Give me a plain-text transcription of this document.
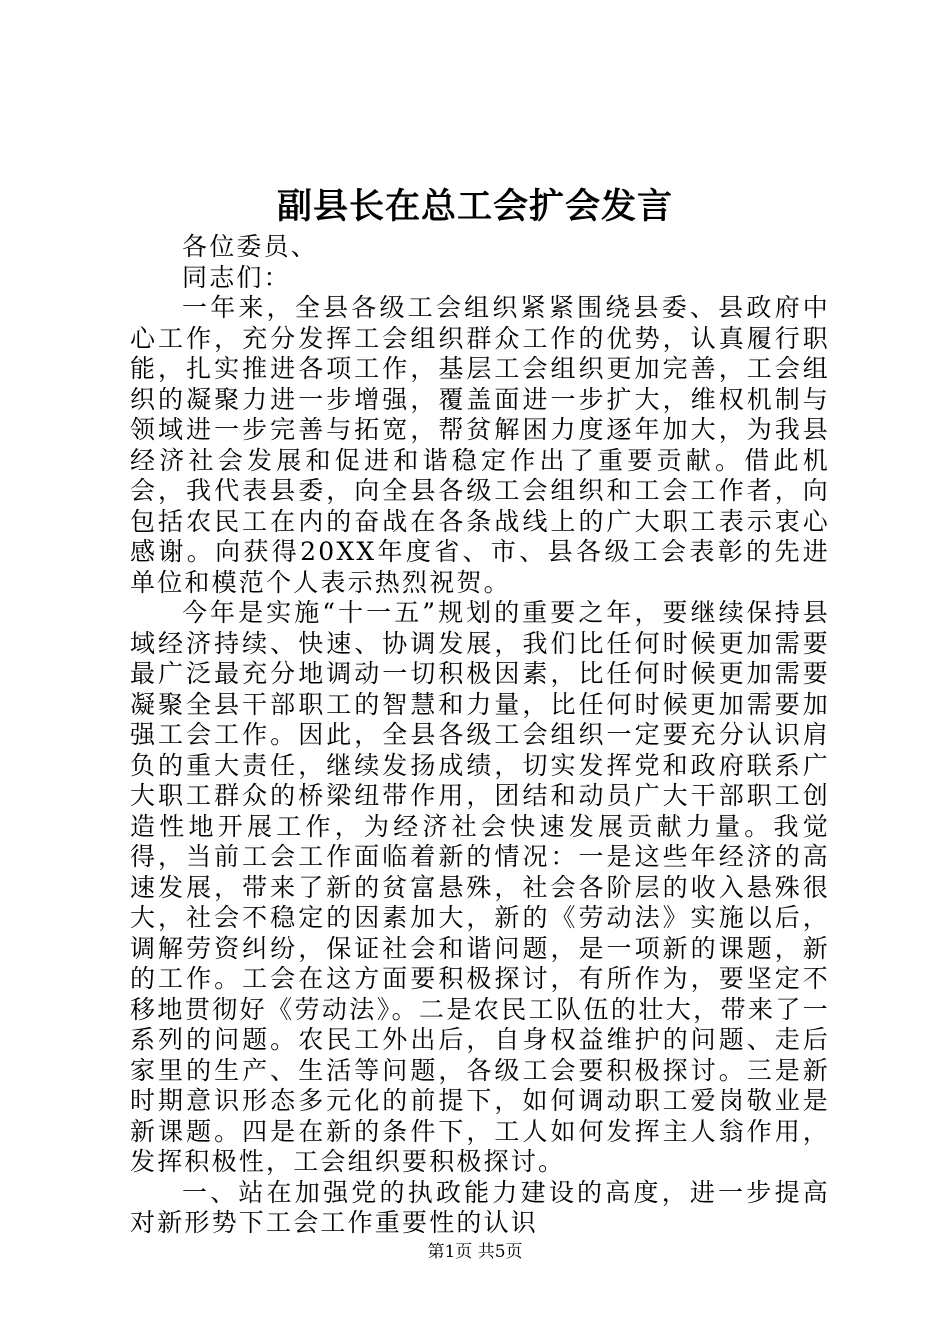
副县长在总工会扩会发言

各位委员、

同志们：

一年来，全县各级工会组织紧紧围绕县委、县政府中心工作，充分发挥工会组织群众工作的优势，认真履行职能，扎实推进各项工作，基层工会组织更加完善，工会组织的凝聚力进一步增强，覆盖面进一步扩大，维权机制与领域进一步完善与拓宽，帮贫解困力度逐年加大，为我县经济社会发展和促进和谐稳定作出了重要贡献。借此机会，我代表县委，向全县各级工会组织和工会工作者，向包括农民工在内的奋战在各条战线上的广大职工表示衷心感谢。向获得20XX年度省、市、县各级工会表彰的先进单位和模范个人表示热烈祝贺。

今年是实施“十一五”规划的重要之年，要继续保持县域经济持续、快速、协调发展，我们比任何时候更加需要最广泛最充分地调动一切积极因素，比任何时候更加需要凝聚全县干部职工的智慧和力量，比任何时候更加需要加强工会工作。因此，全县各级工会组织一定要充分认识肩负的重大责任，继续发扬成绩，切实发挥党和政府联系广大职工群众的桥梁纽带作用，团结和动员广大干部职工创造性地开展工作，为经济社会快速发展贡献力量。我觉得，当前工会工作面临着新的情况：一是这些年经济的高速发展，带来了新的贫富悬殊，社会各阶层的收入悬殊很大，社会不稳定的因素加大，新的《劳动法》实施以后，调解劳资纠纷，保证社会和谐问题，是一项新的课题，新的工作。工会在这方面要积极探讨，有所作为，要坚定不移地贯彻好《劳动法》。二是农民工队伍的壮大，带来了一系列的问题。农民工外出后，自身权益维护的问题、走后家里的生产、生活等问题，各级工会要积极探讨。三是新时期意识形态多元化的前提下，如何调动职工爱岗敬业是新课题。四是在新的条件下，工人如何发挥主人翁作用，发挥积极性，工会组织要积极探讨。

一、站在加强党的执政能力建设的高度，进一步提高对新形势下工会工作重要性的认识

第1页 共5页
